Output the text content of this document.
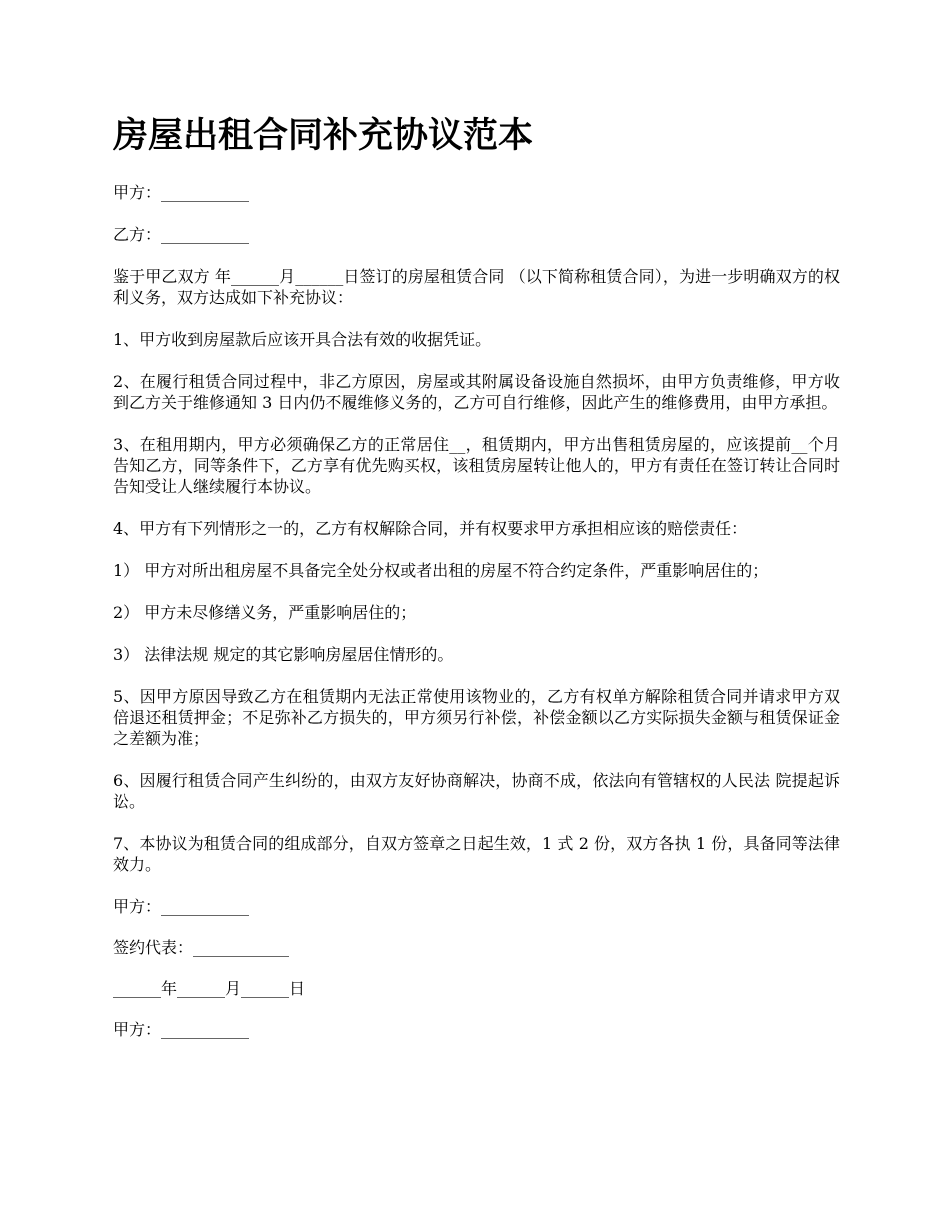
房屋出租合同补充协议范本

甲方：___________

乙方：___________

鉴于甲乙双方 年______月______日签订的房屋租赁合同 （以下简称租赁合同），为进一步明确双方的权利义务，双方达成如下补充协议：

1、甲方收到房屋款后应该开具合法有效的收据凭证。

2、在履行租赁合同过程中，非乙方原因，房屋或其附属设备设施自然损坏，由甲方负责维修，甲方收到乙方关于维修通知 3 日内仍不履维修义务的，乙方可自行维修，因此产生的维修费用，由甲方承担。

3、在租用期内，甲方必须确保乙方的正常居住__，租赁期内，甲方出售租赁房屋的，应该提前__个月告知乙方，同等条件下，乙方享有优先购买权，该租赁房屋转让他人的，甲方有责任在签订转让合同时告知受让人继续履行本协议。

4、甲方有下列情形之一的，乙方有权解除合同，并有权要求甲方承担相应该的赔偿责任：

1） 甲方对所出租房屋不具备完全处分权或者出租的房屋不符合约定条件，严重影响居住的；

2） 甲方未尽修缮义务，严重影响居住的；

3） 法律法规 规定的其它影响房屋居住情形的。

5、因甲方原因导致乙方在租赁期内无法正常使用该物业的，乙方有权单方解除租赁合同并请求甲方双倍退还租赁押金；不足弥补乙方损失的，甲方须另行补偿，补偿金额以乙方实际损失金额与租赁保证金之差额为准；

6、因履行租赁合同产生纠纷的，由双方友好协商解决，协商不成，依法向有管辖权的人民法 院提起诉讼。

7、本协议为租赁合同的组成部分，自双方签章之日起生效，1 式 2 份，双方各执 1 份，具备同等法律 效力。

甲方：___________

签约代表：____________

______年______月______日

甲方：___________
